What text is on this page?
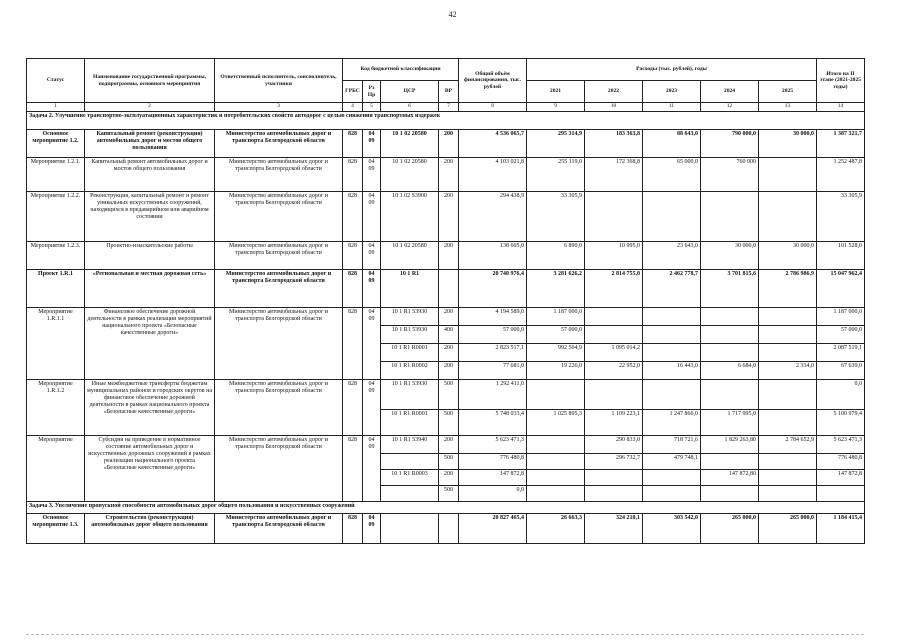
42
Статус	Наименование государственной программы, подпрограммы, основного мероприятия	Ответственный исполнитель, соисполнитель, участники	Код бюджетной классификации				Общий объём финансирования, тыс. рублей	Расходы (тыс. рублей), годы					Итого на II этапе (2021-2025 годы)
			ГРБС	Рз Пр	ЦСР	ВР		2021	2022	2023	2024	2025	
1	2	3	4	5	6	7	8	9	10	11	12	13	14
Задача 2. Улучшение транспортно-эксплуатационных характеристик и потребительских свойств автодорог с целью снижения транспортных издержек													
Основное мероприятие 1.2.	Капитальный ремонт (реконструкция) автомобильных дорог и мостов общего пользования	Министерство автомобильных дорог и транспорта Белгородской области	828	04 09	10 1 02 20580	200	4 536 065,7	295 314,9	183 363,8	88 643,0	790 000,0	30 000,0	1 387 321,7
Мероприятие 1.2.1.	Капитальный ремонт автомобильных дорог и мостов общего пользования	Министерство автомобильных дорог и транспорта Белгородской области	828	04 09	10 1 02 20580	200	4 103 021,8	255 119,0	172 368,8	65 000,0	760 000		1 252 487,8
Мероприятие 1.2.2.	Реконструкция, капитальный ремонт и ремонт уникальных искусственных сооружений, находящихся в предаварийном или аварийном состоянии	Министерство автомобильных дорог и транспорта Белгородской области	828	04 09	10 1 02 S3900	200	294 438,9	33 305,9					33 305,9
Мероприятие 1.2.3.	Проектно-изыскательские работы	Министерство автомобильных дорог и транспорта Белгородской области	828	04 09	10 1 02 20580	200	138 605,0	6 890,0	10 995,0	23 643,0	30 000,0	30 000,0	101 528,0
Проект 1.R.1	«Региональная и местная дорожная сеть»	Министерство автомобильных дорог и транспорта Белгородской области	828	04 09	10 1 R1		20 740 976,4	3 281 626,2	2 814 755,0	2 462 778,7	3 701 815,6	2 786 986,9	15 047 962,4
Мероприятие 1.R.1.1	Финансовое обеспечение дорожной деятельности в рамках реализации мероприятий национального проекта «Безопасные качественные дороги»	Министерство автомобильных дорог и транспорта Белгородской области	828	04 09	10 1 R1 53930	200	4 194 589,0	1 187 000,0					1 187 000,0
					10 1 R1 53930	400	57 000,0	57 000,0					57 000,0
					10 1 R1 R0001	200	2 823 517,1	992 504,9	1 095 014,2				2 087 519,1
					10 1 R1 R0002	200	77 681,0	19 226,0	22 952,0	16 443,0	6 684,0	2 334,0	67 639,0
Мероприятие 1.R.1.2	Иные межбюджетные трансферты бюджетам муниципальных районов и городских округов на финансовое обеспечение дорожной деятельности в рамках национального проекта «Безопасные качественные дороги»	Министерство автомобильных дорог и транспорта Белгородской области	828	04 09	10 1 R1 53930	500	1 292 411,0						0,0
					10 1 R1 R0001	500	5 748 033,4	1 025 895,3	1 109 223,1	1 247 866,0	1 717 995,0		5 100 979,4
Мероприятие	Субсидия на приведение в нормативное состояние автомобильных дорог и искусственных дорожных сооружений в рамках реализации национального проекта «Безопасные качественные дороги»	Министерство автомобильных дорог и транспорта Белгородской области	828	04 09	10 1 R1 53940	200	5 623 471,3		290 833,0	718 721,6	1 829 263,80	2 784 652,9	5 623 471,3
						500	776 480,8		296 732,7	479 748,1			776 480,8
					10 1 R1 R0003	200	147 872,8				147 872,80		147 872,8
						500	0,0						
Задача 3. Увеличение пропускной способности автомобильных дорог общего пользования и искусственных сооружений													
Основное мероприятие 1.3.	Строительство (реконструкция) автомобильных дорог общего пользования	Министерство автомобильных дорог и транспорта Белгородской области	828	04 09			20 827 465,4	26 663,3	324 210,1	303 542,0	265 000,0	265 000,0	1 184 415,4
